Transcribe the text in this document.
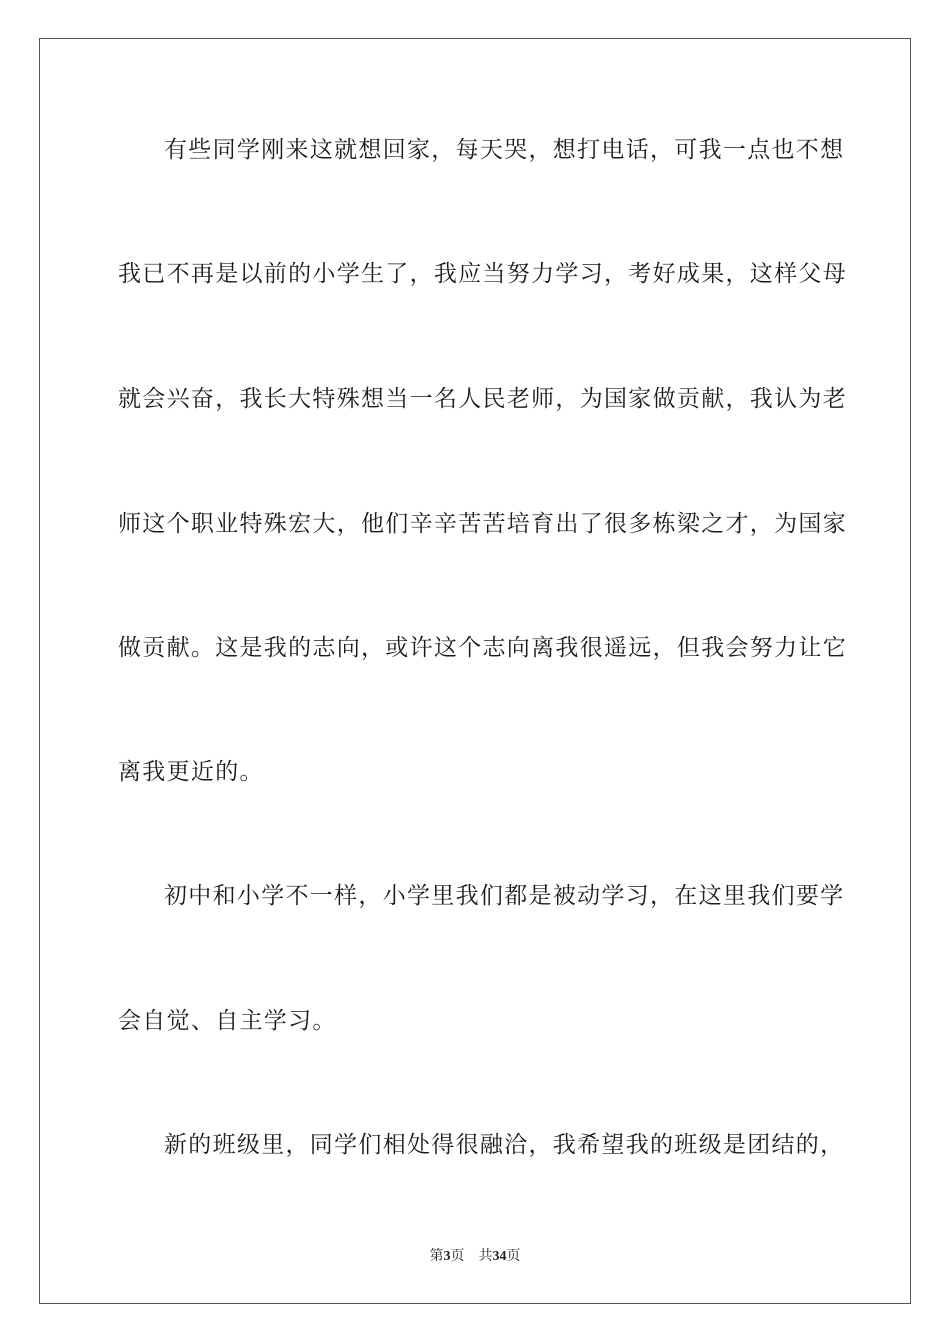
有些同学刚来这就想回家，每天哭，想打电话，可我一点也不想
我已不再是以前的小学生了，我应当努力学习，考好成果，这样父母
就会兴奋，我长大特殊想当一名人民老师，为国家做贡献，我认为老
师这个职业特殊宏大，他们辛辛苦苦培育出了很多栋梁之才，为国家
做贡献。这是我的志向，或许这个志向离我很遥远，但我会努力让它
离我更近的。
初中和小学不一样，小学里我们都是被动学习，在这里我们要学
会自觉、自主学习。
新的班级里，同学们相处得很融洽，我希望我的班级是团结的，
第3页 共34页
